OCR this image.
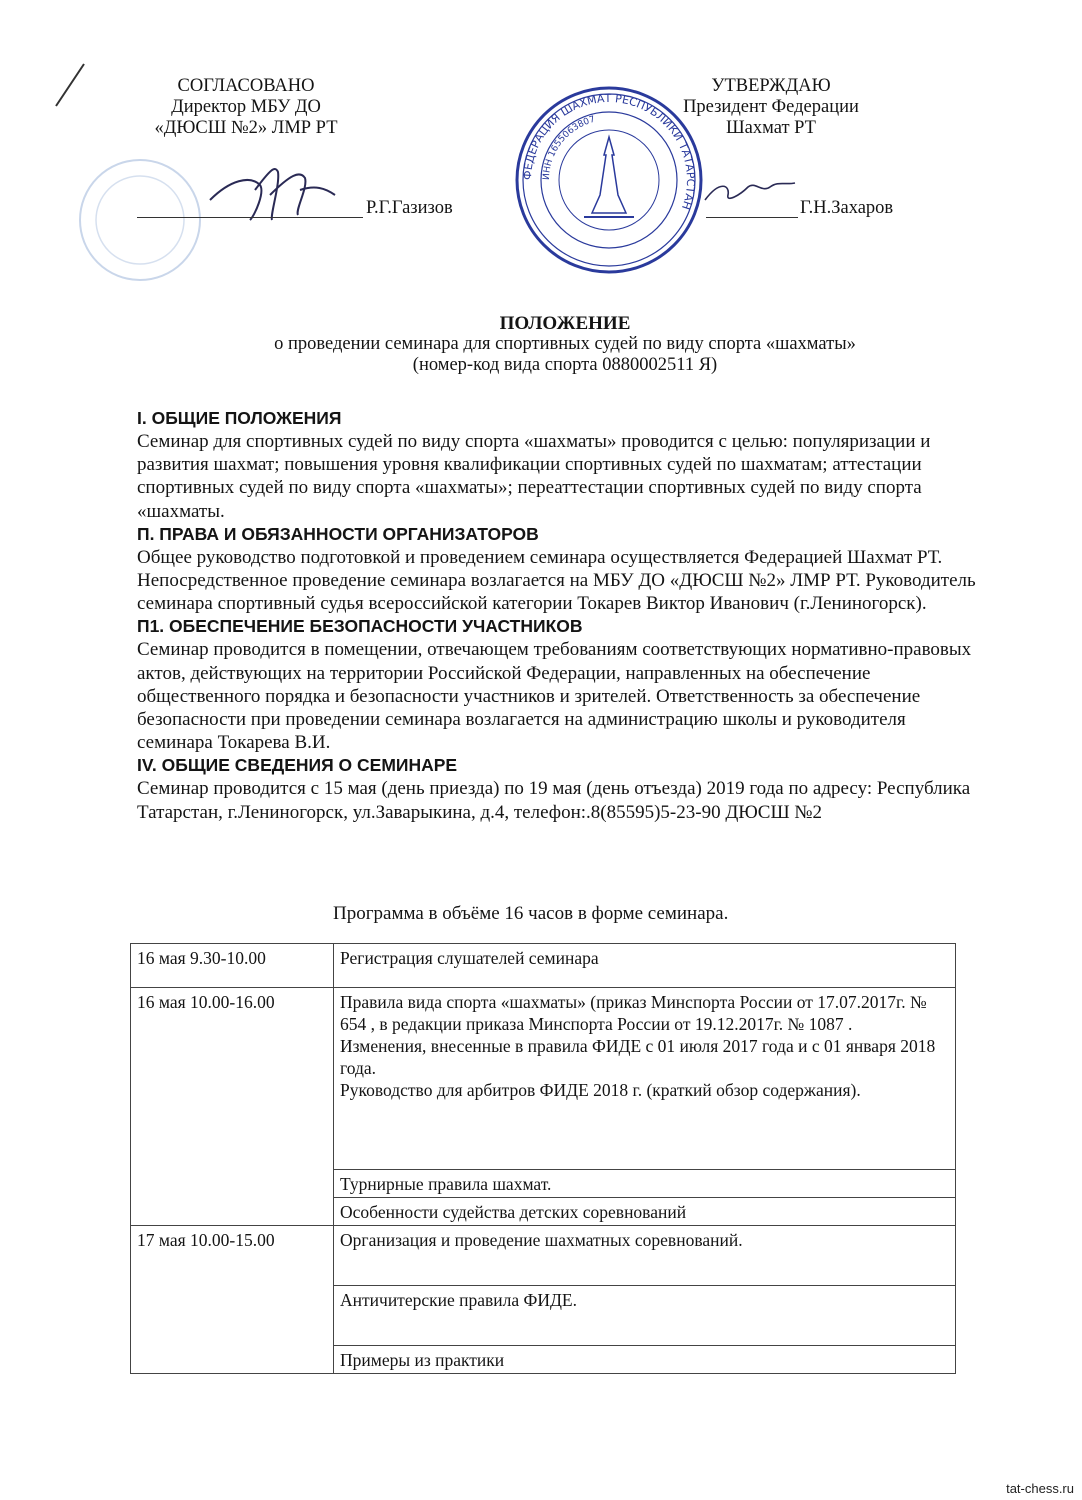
СОГЛАСОВАНО
Директор МБУ ДО
«ДЮСШ №2» ЛМР РТ
Р.Г.Газизов
УТВЕРЖДАЮ
Президент Федерации
Шахмат РТ
Г.Н.Захаров
ФЕДЕРАЦИЯ ШАХМАТ РЕСПУБЛИКИ ТАТАРСТАН
ИНН 1655063807
ПОЛОЖЕНИЕ
о проведении семинара для спортивных судей по виду спорта «шахматы»
(номер-код вида спорта 0880002511 Я)
I. ОБЩИЕ ПОЛОЖЕНИЯ

Семинар для спортивных судей по виду спорта «шахматы» проводится с целью: популяризации и развития шахмат; повышения уровня квалификации спортивных судей по шахматам; аттестации спортивных судей по виду спорта «шахматы»; переаттестации спортивных судей по виду спорта «шахматы.

П. ПРАВА И ОБЯЗАННОСТИ ОРГАНИЗАТОРОВ

Общее руководство подготовкой и проведением семинара осуществляется Федерацией Шахмат РТ. Непосредственное проведение семинара возлагается на МБУ ДО «ДЮСШ №2» ЛМР РТ. Руководитель семинара спортивный судья всероссийской категории Токарев Виктор Иванович (г.Лениногорск).

П1. ОБЕСПЕЧЕНИЕ БЕЗОПАСНОСТИ УЧАСТНИКОВ

Семинар проводится в помещении, отвечающем требованиям соответствующих нормативно-правовых актов, действующих на территории Российской Федерации, направленных на обеспечение общественного порядка и безопасности участников и зрителей. Ответственность за обеспечение безопасности при проведении семинара возлагается на администрацию школы и руководителя семинара Токарева В.И.

IV. ОБЩИЕ СВЕДЕНИЯ О СЕМИНАРЕ

Семинар проводится с 15 мая (день приезда) по 19 мая (день отъезда) 2019 года по адресу: Республика Татарстан, г.Лениногорск, ул.Заварыкина, д.4, телефон:.8(85595)5-23-90 ДЮСШ №2

Программа в объёме 16 часов в форме семинара.
16 мая 9.30-10.00	Регистрация слушателей семинара
16 мая 10.00-16.00	Правила вида спорта «шахматы» (приказ Минспорта России от 17.07.2017г. № 654 , в редакции приказа Минспорта России от 19.12.2017г. № 1087 .
Изменения, внесенные в правила ФИДЕ с 01 июля 2017 года и с 01 января 2018 года.
Руководство для арбитров ФИДЕ 2018 г. (краткий обзор содержания).

	Турнирные правила шахмат.
	Особенности судейства детских соревнований
17 мая 10.00-15.00	Организация и проведение шахматных соревнований.
	Античитерские правила ФИДЕ.
	Примеры из практики
tat-chess.ru
